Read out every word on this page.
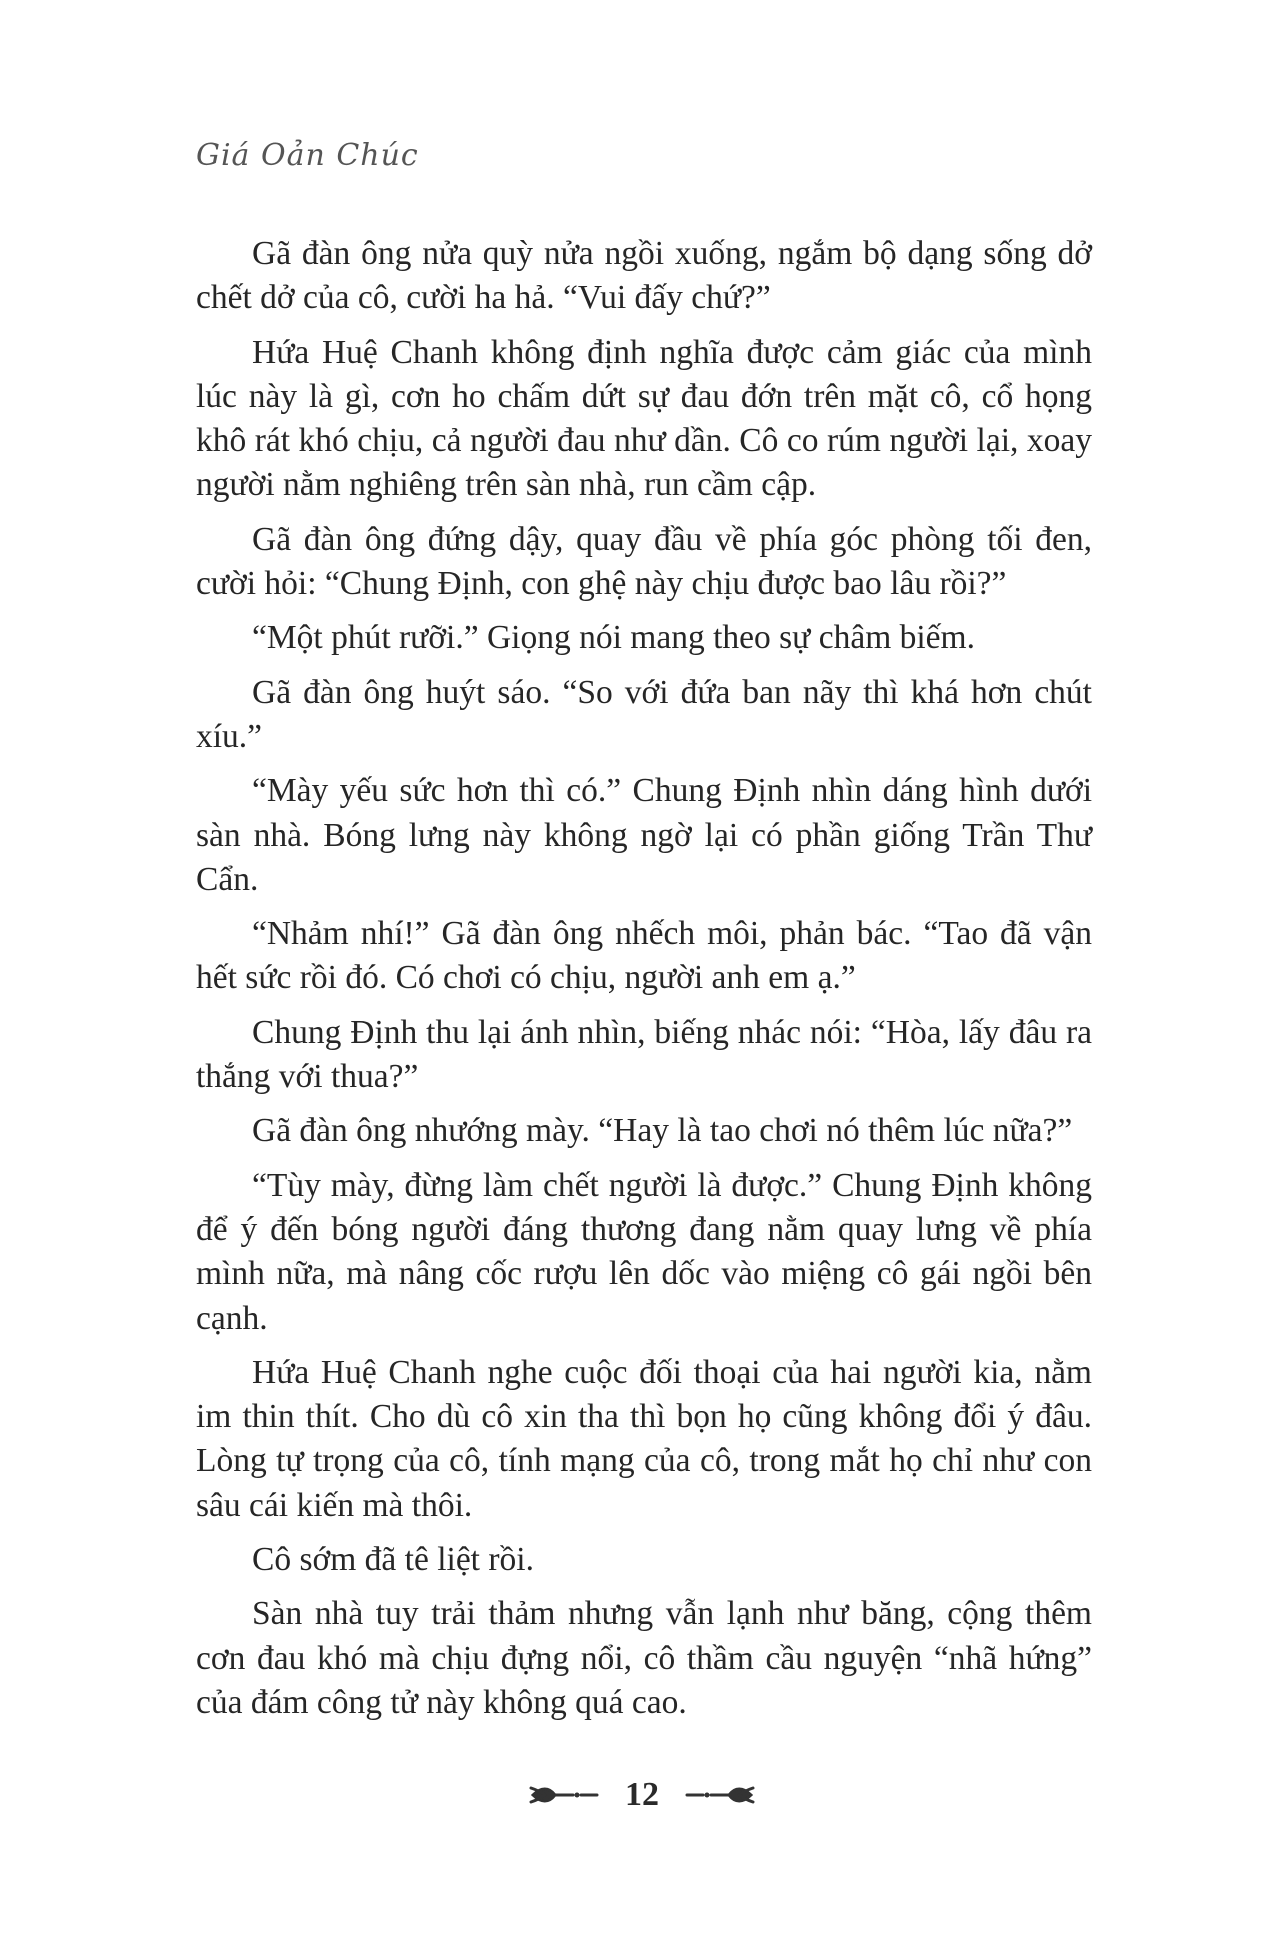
Giá Oản Chúc

Gã đàn ông nửa quỳ nửa ngồi xuống, ngắm bộ dạng sống dở chết dở của cô, cười ha hả. “Vui đấy chứ?”

Hứa Huệ Chanh không định nghĩa được cảm giác của mình lúc này là gì, cơn ho chấm dứt sự đau đớn trên mặt cô, cổ họng khô rát khó chịu, cả người đau như dần. Cô co rúm người lại, xoay người nằm nghiêng trên sàn nhà, run cầm cập.

Gã đàn ông đứng dậy, quay đầu về phía góc phòng tối đen, cười hỏi: “Chung Định, con ghệ này chịu được bao lâu rồi?”

“Một phút rưỡi.” Giọng nói mang theo sự châm biếm.

Gã đàn ông huýt sáo. “So với đứa ban nãy thì khá hơn chút xíu.”

“Mày yếu sức hơn thì có.” Chung Định nhìn dáng hình dưới sàn nhà. Bóng lưng này không ngờ lại có phần giống Trần Thư Cẩn.

“Nhảm nhí!” Gã đàn ông nhếch môi, phản bác. “Tao đã vận hết sức rồi đó. Có chơi có chịu, người anh em ạ.”

Chung Định thu lại ánh nhìn, biếng nhác nói: “Hòa, lấy đâu ra thắng với thua?”

Gã đàn ông nhướng mày. “Hay là tao chơi nó thêm lúc nữa?”

“Tùy mày, đừng làm chết người là được.” Chung Định không để ý đến bóng người đáng thương đang nằm quay lưng về phía mình nữa, mà nâng cốc rượu lên dốc vào miệng cô gái ngồi bên cạnh.

Hứa Huệ Chanh nghe cuộc đối thoại của hai người kia, nằm im thin thít. Cho dù cô xin tha thì bọn họ cũng không đổi ý đâu. Lòng tự trọng của cô, tính mạng của cô, trong mắt họ chỉ như con sâu cái kiến mà thôi.

Cô sớm đã tê liệt rồi.

Sàn nhà tuy trải thảm nhưng vẫn lạnh như băng, cộng thêm cơn đau khó mà chịu đựng nổi, cô thầm cầu nguyện “nhã hứng” của đám công tử này không quá cao.

12
